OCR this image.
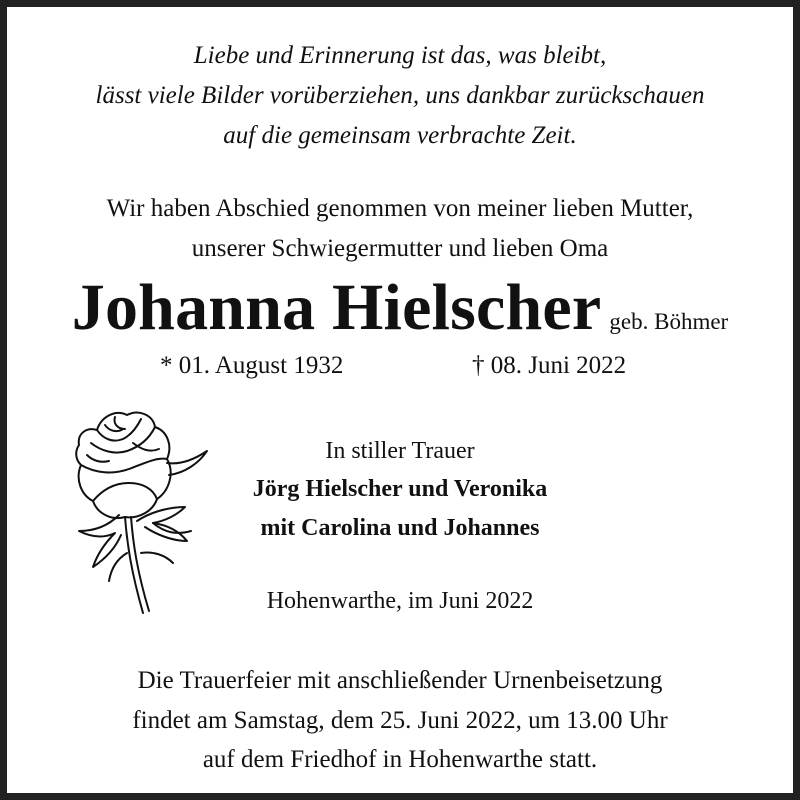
Liebe und Erinnerung ist das, was bleibt,
lässt viele Bilder vorüberziehen, uns dankbar zurückschauen
auf die gemeinsam verbrachte Zeit.
Wir haben Abschied genommen von meiner lieben Mutter,
unserer Schwiegermutter und lieben Oma
Johanna Hielscher geb. Böhmer
* 01. August 1932	† 08. Juni 2022
In stiller Trauer
Jörg Hielscher und Veronika
mit Carolina und Johannes
Hohenwarthe, im Juni 2022
Die Trauerfeier mit anschließender Urnenbeisetzung
findet am Samstag, dem 25. Juni 2022, um 13.00 Uhr
auf dem Friedhof in Hohenwarthe statt.
